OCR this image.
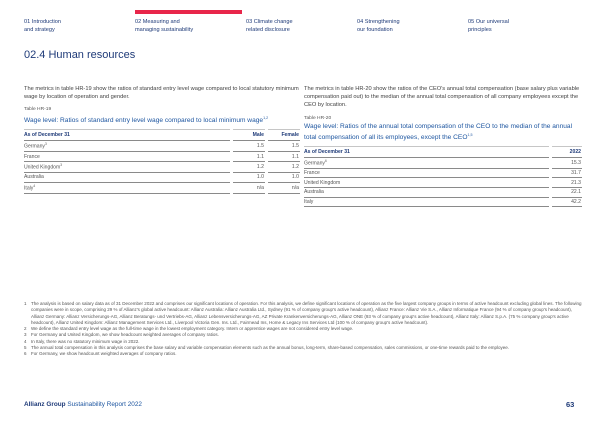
01 Introduction
and strategy
02 Measuring and
managing sustainability
03 Climate change
related disclosure
04 Strengthening
our foundation
05 Our universal
principles
02.4 Human resources

The metrics in table HR-19 show the ratios of standard entry level wage compared to local statutory minimum wage by location of operation and gender.

Table HR-19
Wage level: Ratios of standard entry level wage compared to local minimum wage$^{1,2}$
As of December 31		Male		Female
Germany$^3$		1.5		1.5
France		1.1		1.1
United Kingdom$^3$		1.2		1.2
Australia		1.0		1.0
Italy$^4$		n/a		n/a

The metrics in table HR-20 show the ratios of the CEO's annual total compensation (base salary plus variable compensation paid out) to the median of the annual total compensation of all company employees except the CEO by location.

Table HR-20
Wage level: Ratios of the annual total compensation of the CEO to the median of the annual total compensation of all its employees, except the CEO$^{1,5}$
As of December 31		2022
Germany$^6$		15.3
France		31.7
United Kingdom		21.3
Australia		22.1
Italy		42.2
1 The analysis is based on salary data as of 31 December 2022 and comprises our significant locations of operation. For this analysis, we define significant locations of operation as the five largest company groups in terms of active headcount excluding global lines. The following companies were in scope, comprising 29 % of Allianz's global active headcount: Allianz Australia: Allianz Australia Ltd., Sydney (91 % of company group's active headcount), Allianz France: Allianz Vie S.A., Allianz Informatique France (94 % of company group's headcount), Allianz Germany: Allianz Versicherungs-AG, Allianz Beratungs- und Vertriebs-AG, Allianz Lebensversicherungs-AG, AZ Private Krankenversicherungs-AG, Allianz ONE (93 % of company group's active headcount), Allianz Italy: Allianz S.p.A. (75 % company group's active headcount), Allianz United Kingdom: Allianz Management Services Ltd., Liverpool Victoria Gen. Ins. Ltd., Fairmead Ins, Home & Legacy Ins Services Ltd (100 % of company group's active headcount).
2 We define the standard entry level wage as the full-time wage in the lowest employment category. Intern or apprentice wages are not considered entry level wage.
3 For Germany and United Kingdom, we show headcount weighted averages of company ratios.
4 In Italy, there was no statutory minimum wage in 2022.
5 The annual total compensation in this analysis comprises the base salary and variable compensation elements such as the annual bonus, long-term, share-based compensation, sales commissions, or one-time rewards paid to the employee.
6 For Germany, we show headcount weighted averages of company ratios.
Allianz Group Sustainability Report 2022	63
